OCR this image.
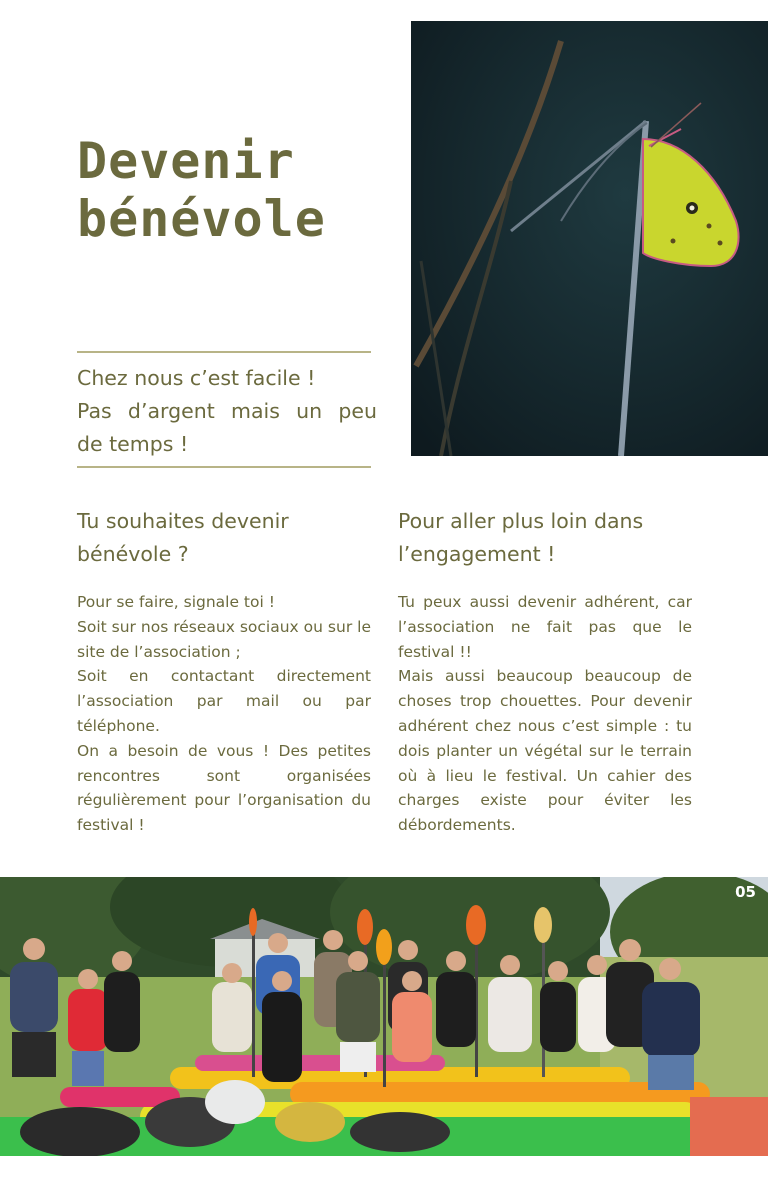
Devenir
bénévole
Chez nous c’est facile !
Pas d’argent mais un peu
de temps !
Tu souhaites devenir bénévole ?

Pour se faire, signale toi !
Soit sur nos réseaux sociaux ou sur le site de l’association ;
Soit en contactant directement l’association par mail ou par téléphone.
On a besoin de vous ! Des petites rencontres sont organisées régulièrement pour l’organisation du festival !

Pour aller plus loin dans l’engagement !

Tu peux aussi devenir adhérent, car l’association ne fait pas que le festival !!
Mais aussi beaucoup beaucoup de choses trop chouettes. Pour devenir adhérent chez nous c’est simple : tu dois planter un végétal sur le terrain où à lieu le festival. Un cahier des charges existe pour éviter les débordements.

05
